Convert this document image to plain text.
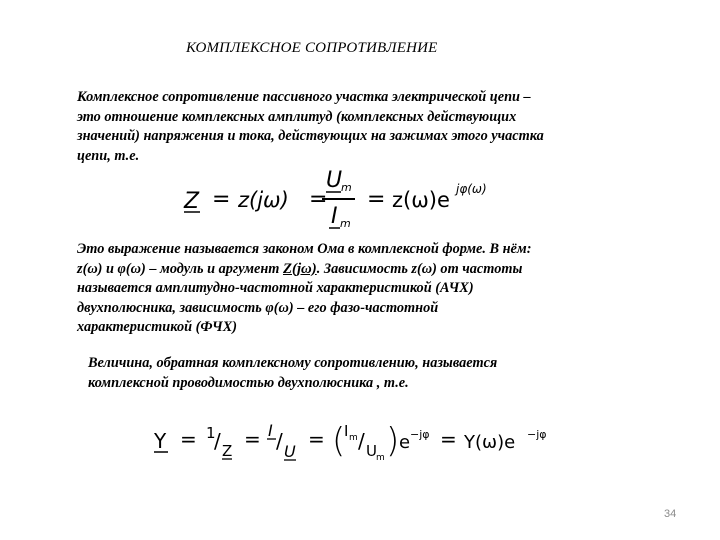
КОМПЛЕКСНОЕ СОПРОТИВЛЕНИЕ
Комплексное сопротивление пассивного участка электрической цепи –
это отношение комплексных амплитуд (комплексных действующих
значений) напряжения и тока, действующих на зажимах этого участка
цепи, т.е.
Z = z(jω) =
U
m
I m
= z(ω)e jφ(ω)
Это выражение называется законом Ома в комплексной форме. В нём:
z(ω) и φ(ω) – модуль и аргумент Z(jω). Зависимость z(ω) от частоты
называется амплитудно-частотной характеристикой (АЧХ)
двухполюсника, зависимость φ(ω) – его фазо-частотной
характеристикой (ФЧХ)
Величина, обратная комплексному сопротивлению, называется
комплексной проводимостью двухполюсника , т.е.
Y = 1
/ Z = I / U
= (
I m / U m ) e −jφ = Y(ω)e −jφ
34
